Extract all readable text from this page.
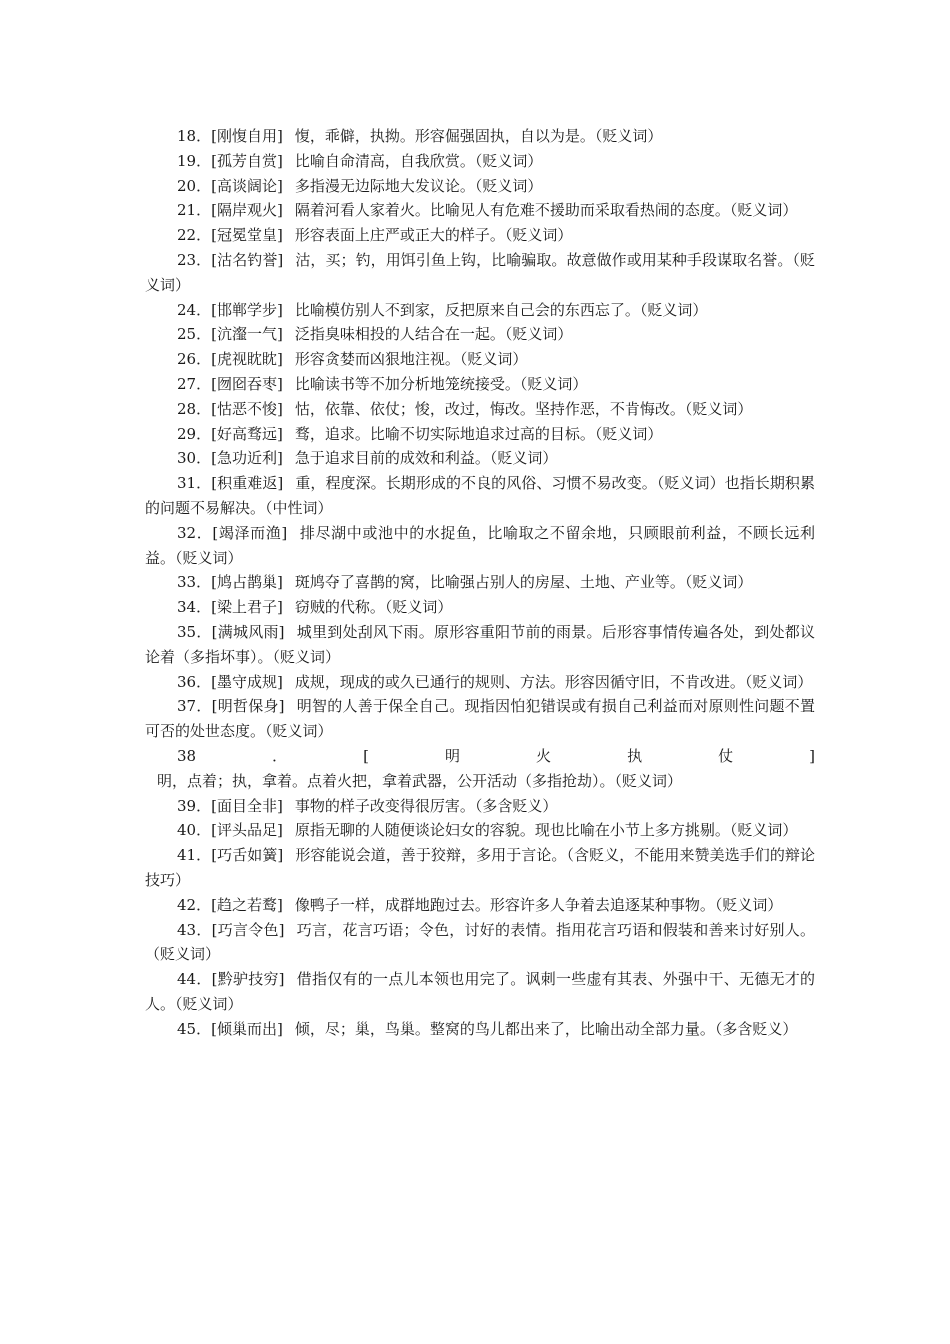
18．[刚愎自用] 愎，乖僻，执拗。形容倔强固执，自以为是。（贬义词）

19．[孤芳自赏] 比喻自命清高，自我欣赏。（贬义词）

20．[高谈阔论] 多指漫无边际地大发议论。（贬义词）

21．[隔岸观火] 隔着河看人家着火。比喻见人有危难不援助而采取看热闹的态度。（贬义词）

22．[冠冕堂皇] 形容表面上庄严或正大的样子。（贬义词）

23．[沽名钓誉] 沽，买；钓，用饵引鱼上钩，比喻骗取。故意做作或用某种手段谋取名誉。（贬义词）

24．[邯郸学步] 比喻模仿别人不到家，反把原来自己会的东西忘了。（贬义词）

25．[沆瀣一气] 泛指臭味相投的人结合在一起。（贬义词）

26．[虎视眈眈] 形容贪婪而凶狠地注视。（贬义词）

27．[囫囵吞枣] 比喻读书等不加分析地笼统接受。（贬义词）

28．[怙恶不悛] 怙，依靠、依仗；悛，改过，悔改。坚持作恶，不肯悔改。（贬义词）

29．[好高骛远] 骛，追求。比喻不切实际地追求过高的目标。（贬义词）

30．[急功近利] 急于追求目前的成效和利益。（贬义词）

31．[积重难返] 重，程度深。长期形成的不良的风俗、习惯不易改变。（贬义词）也指长期积累的问题不易解决。（中性词）

32．[竭泽而渔] 排尽湖中或池中的水捉鱼，比喻取之不留余地，只顾眼前利益，不顾长远利益。（贬义词）

33．[鸠占鹊巢] 斑鸠夺了喜鹊的窝，比喻强占别人的房屋、土地、产业等。（贬义词）

34．[梁上君子] 窃贼的代称。（贬义词）

35．[满城风雨] 城里到处刮风下雨。原形容重阳节前的雨景。后形容事情传遍各处，到处都议论着（多指坏事）。（贬义词）

36．[墨守成规] 成规，现成的或久已通行的规则、方法。形容因循守旧，不肯改进。（贬义词）

37．[明哲保身] 明智的人善于保全自己。现指因怕犯错误或有损自己利益而对原则性问题不置可否的处世态度。（贬义词）

38．[明火执仗]明，点着；执，拿着。点着火把，拿着武器，公开活动（多指抢劫）。（贬义词）

39．[面目全非] 事物的样子改变得很厉害。（多含贬义）

40．[评头品足] 原指无聊的人随便谈论妇女的容貌。现也比喻在小节上多方挑剔。（贬义词）

41．[巧舌如簧] 形容能说会道，善于狡辩，多用于言论。（含贬义，不能用来赞美选手们的辩论技巧）

42．[趋之若鹜] 像鸭子一样，成群地跑过去。形容许多人争着去追逐某种事物。（贬义词）

43．[巧言令色] 巧言，花言巧语；令色，讨好的表情。指用花言巧语和假装和善来讨好别人。（贬义词）

44．[黔驴技穷] 借指仅有的一点儿本领也用完了。讽刺一些虚有其表、外强中干、无德无才的人。（贬义词）

45．[倾巢而出] 倾，尽；巢，鸟巢。整窝的鸟儿都出来了，比喻出动全部力量。（多含贬义）
